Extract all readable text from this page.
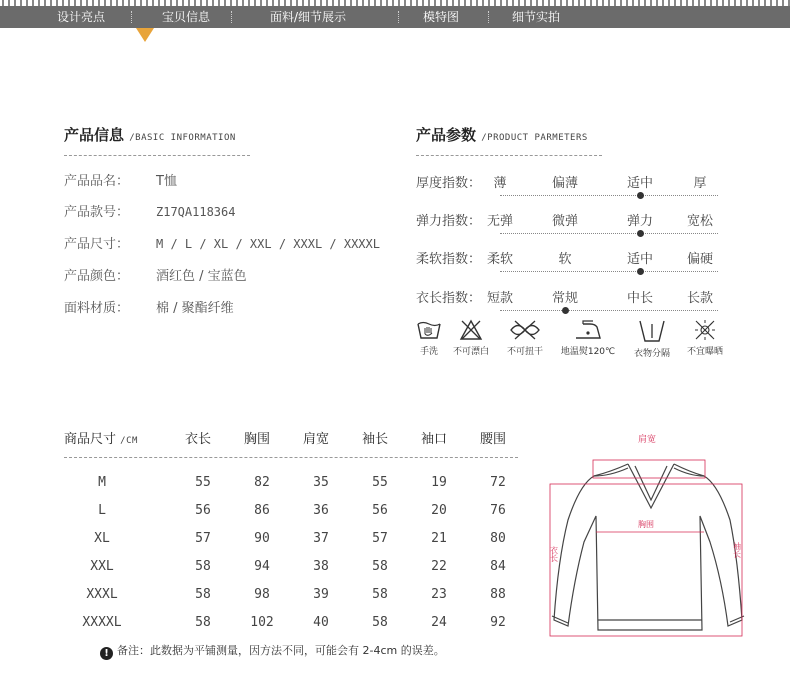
设计亮点	宝贝信息	面料/细节展示	模特图	细节实拍
产品信息 /BASIC INFORMATION
产品品名： T恤
产品款号： Z17QA118364
产品尺寸： M / L / XL / XXL / XXXL / XXXXL
产品颜色： 酒红色 / 宝蓝色
面料材质： 棉 / 聚酯纤维
产品参数 /PRODUCT PARMETERS
厚度指数： 薄	偏薄	适中	厚
弹力指数： 无弹	微弹	弹力	宽松
柔软指数： 柔软	软	适中	偏硬
衣长指数： 短款	常规	中长	长款
手洗	不可漂白	不可扭干	地温熨120℃	衣物分隔	不宜曝晒
商品尺寸 /CM	衣长	胸围	肩宽	袖长	袖口	腰围
M	55	82	35	55	19	72
L	56	86	36	56	20	76
XL	57	90	37	57	21	80
XXL	58	94	38	58	22	84
XXXL	58	98	39	58	23	88
XXXXL	58	102	40	58	24	92
! 备注：此数据为平铺测量，因方法不同，可能会有 2-4cm 的误差。
肩宽
胸围
衣长	袖长
